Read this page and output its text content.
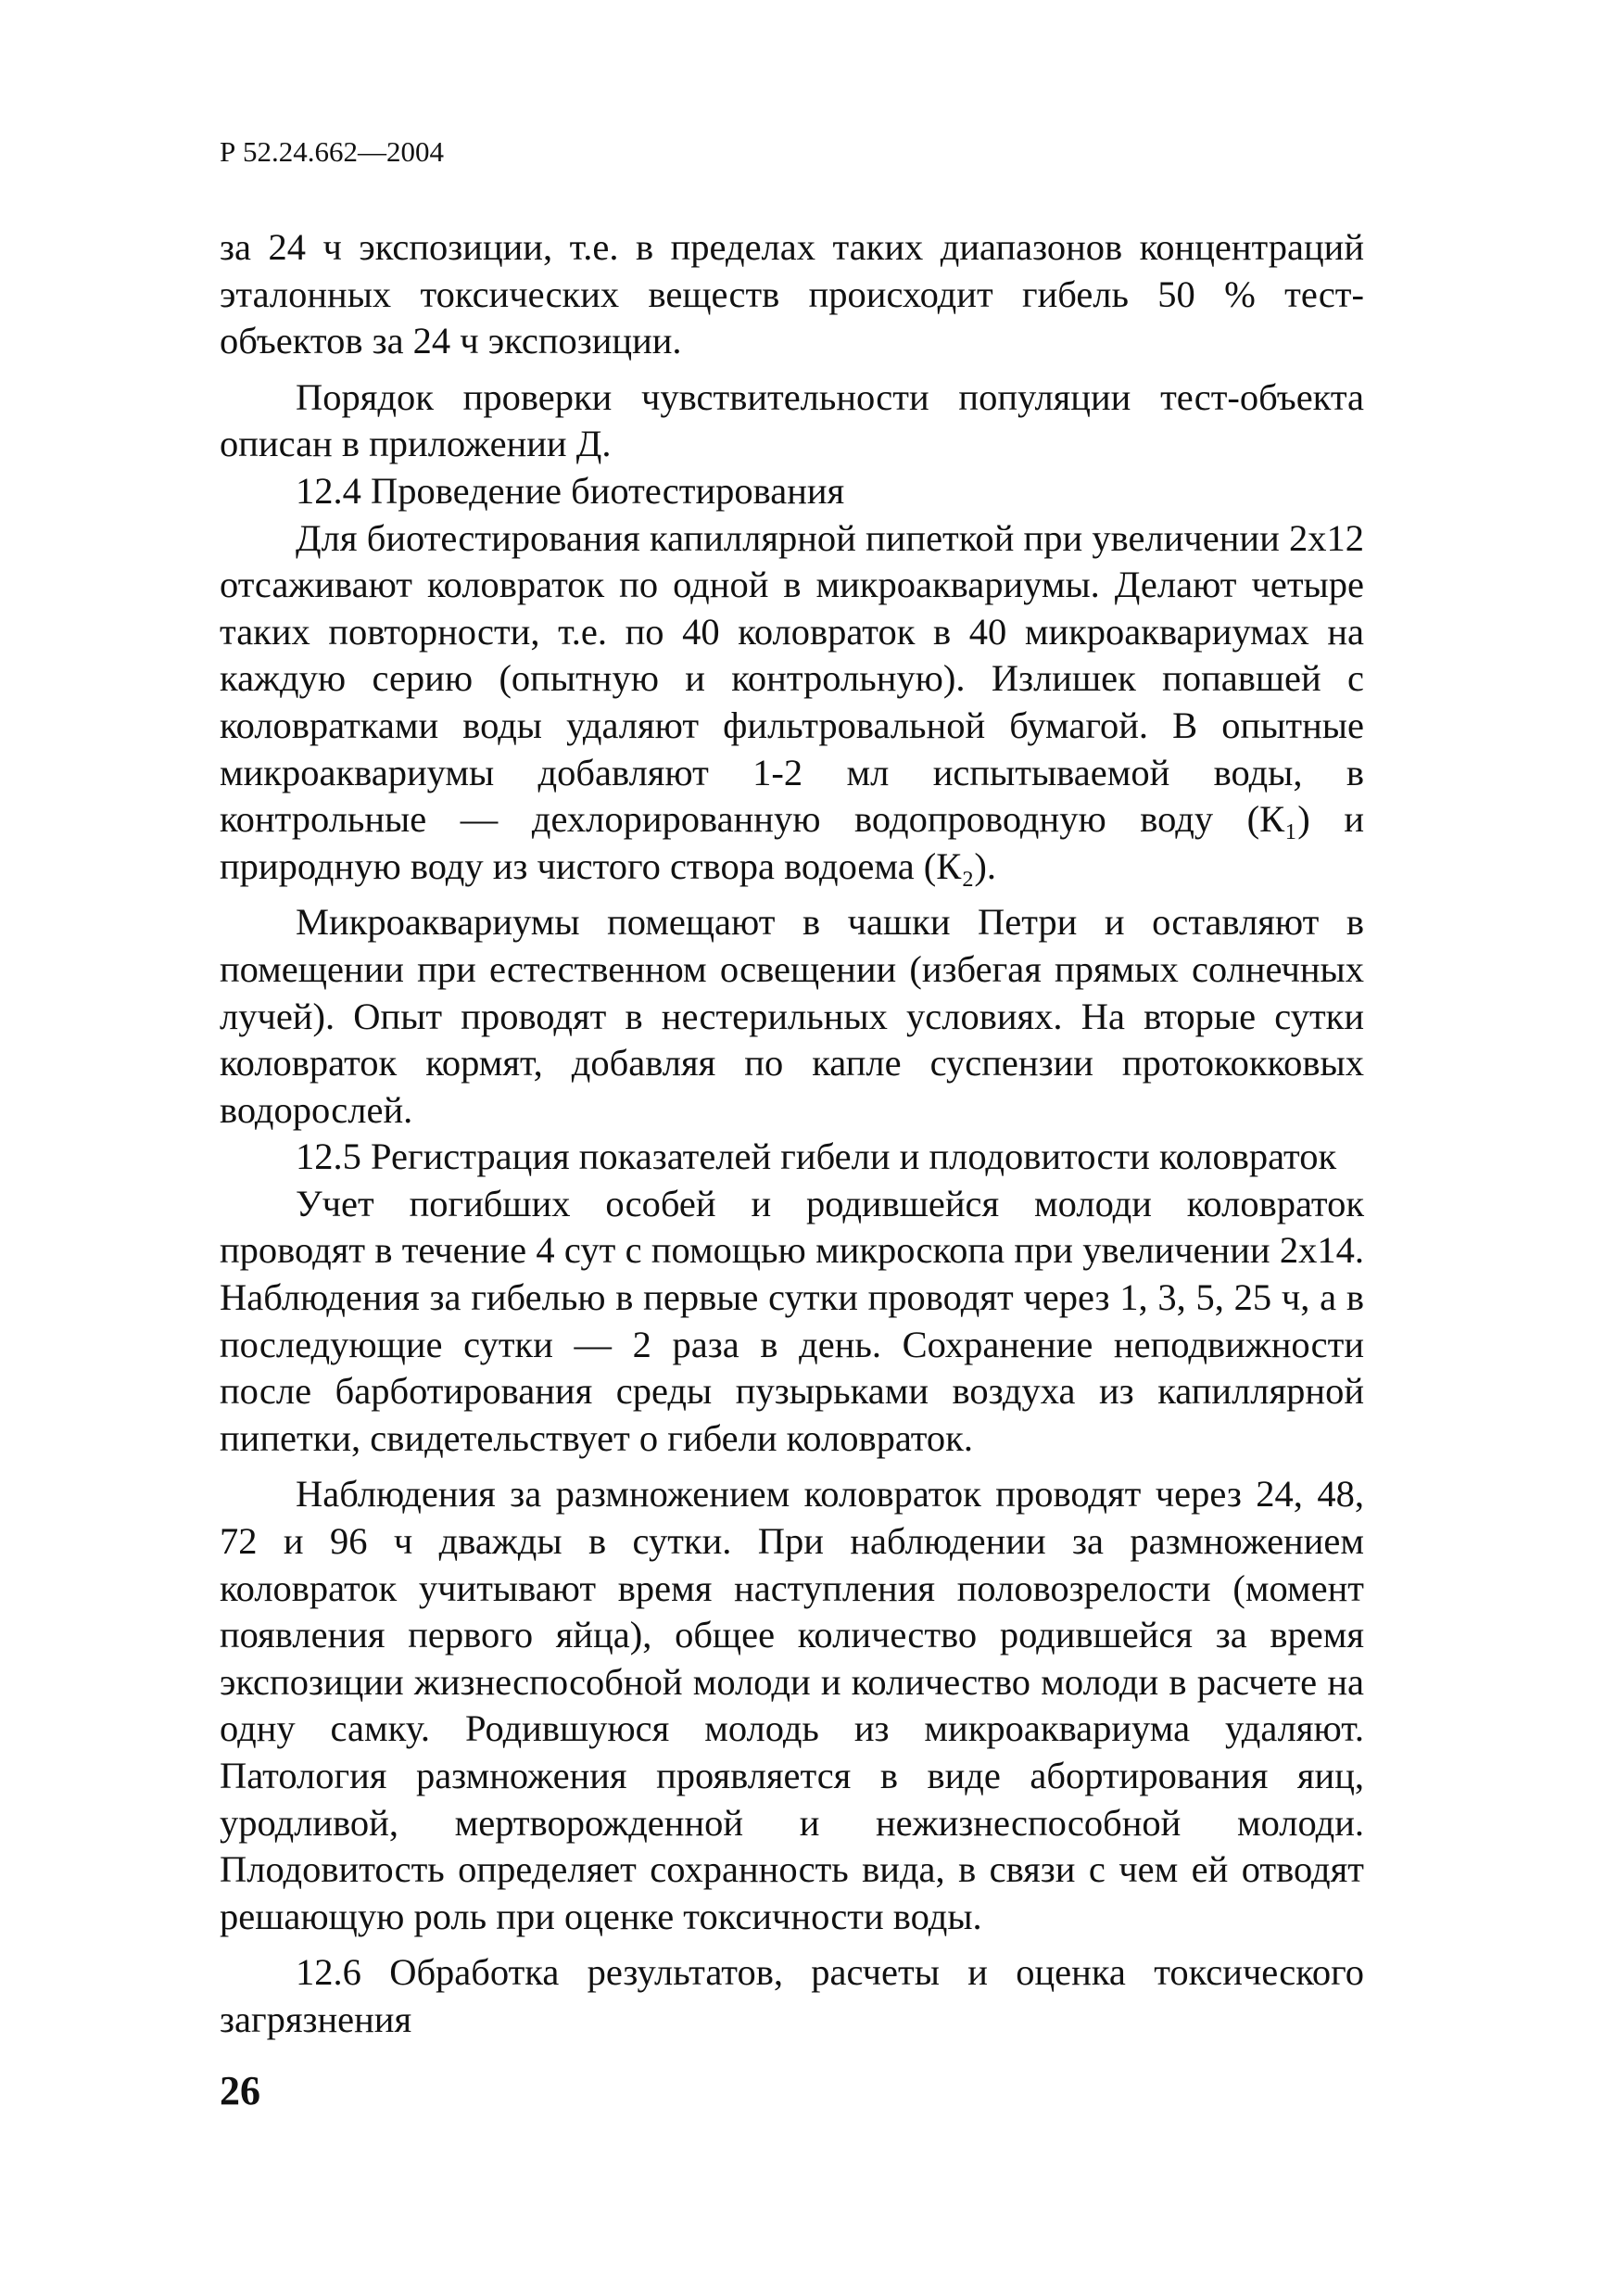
Р 52.24.662—2004

за 24 ч экспозиции, т.е. в пределах таких диапазонов концентраций эталонных токсических веществ происходит гибель 50 % тест-объектов за 24 ч экспозиции.

Порядок проверки чувствительности популяции тест-объекта описан в приложении Д.

12.4 Проведение биотестирования

Для биотестирования капиллярной пипеткой при увеличении 2х12 отсаживают коловраток по одной в микроаквариумы. Делают четыре таких повторности, т.е. по 40 коловраток в 40 микроаквариумах на каждую серию (опытную и контрольную). Излишек попавшей с коловратками воды удаляют фильтровальной бумагой. В опытные микроаквариумы добавляют 1-2 мл испытываемой воды, в контрольные — дехлорированную водопроводную воду (К₁) и природную воду из чистого створа водоема (К₂).

Микроаквариумы помещают в чашки Петри и оставляют в помещении при естественном освещении (избегая прямых солнечных лучей). Опыт проводят в нестерильных условиях. На вторые сутки коловраток кормят, добавляя по капле суспензии протококковых водорослей.

12.5 Регистрация показателей гибели и плодовитости коловраток

Учет погибших особей и родившейся молоди коловраток проводят в течение 4 сут с помощью микроскопа при увеличении 2х14. Наблюдения за гибелью в первые сутки проводят через 1, 3, 5, 25 ч, а в последующие сутки — 2 раза в день. Сохранение неподвижности после барботирования среды пузырьками воздуха из капиллярной пипетки, свидетельствует о гибели коловраток.

Наблюдения за размножением коловраток проводят через 24, 48, 72 и 96 ч дважды в сутки. При наблюдении за размножением коловраток учитывают время наступления половозрелости (момент появления первого яйца), общее количество родившейся за время экспозиции жизнеспособной молоди и количество молоди в расчете на одну самку. Родившуюся молодь из микроаквариума удаляют. Патология размножения проявляется в виде абортирования яиц, уродливой, мертворожденной и нежизнеспособной молоди. Плодовитость определяет сохранность вида, в связи с чем ей отводят решающую роль при оценке токсичности воды.

12.6 Обработка результатов, расчеты и оценка токсического загрязнения

26
